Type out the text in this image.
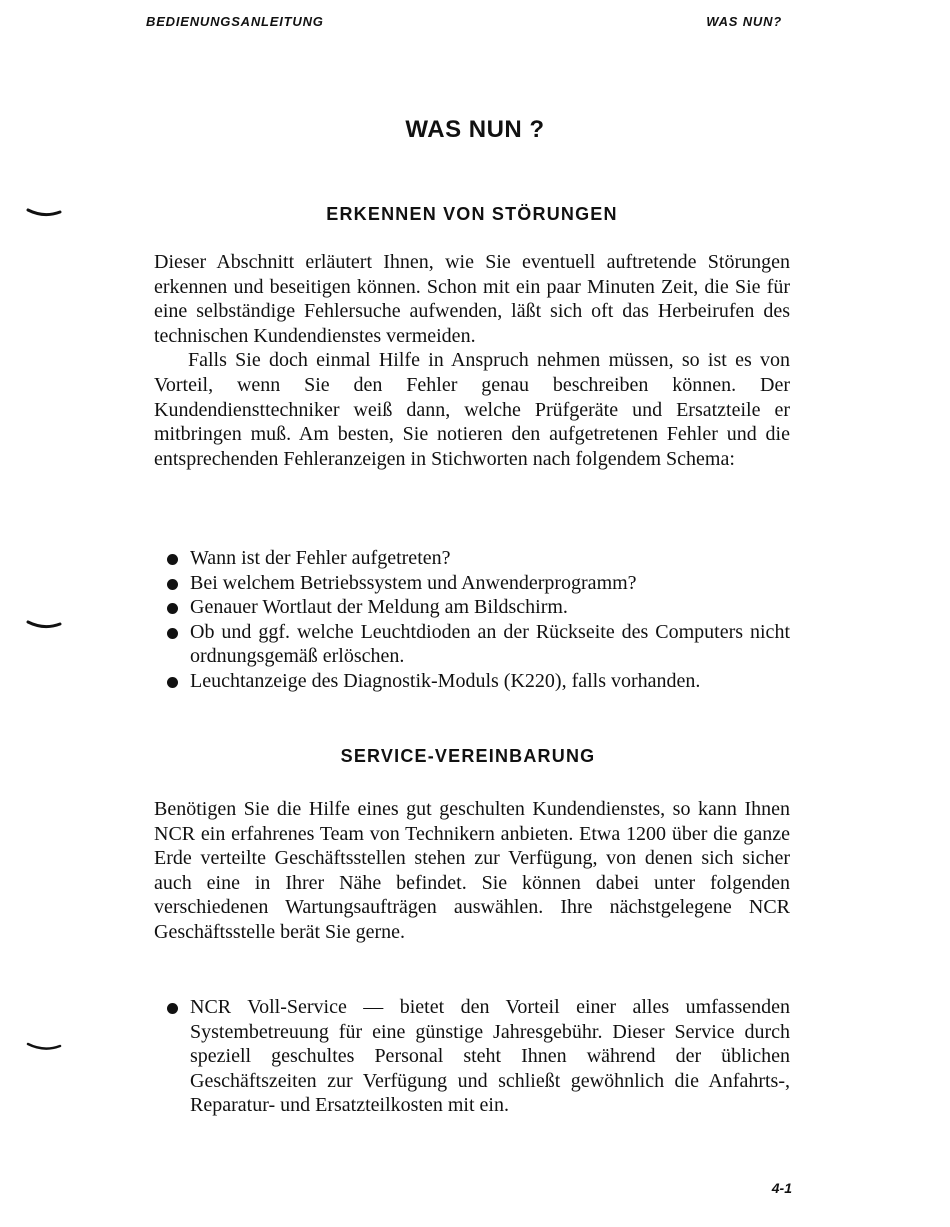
BEDIENUNGSANLEITUNG	WAS NUN?
WAS NUN ?
ERKENNEN VON STÖRUNGEN

Dieser Abschnitt erläutert Ihnen, wie Sie eventuell auftretende Störungen erkennen und beseitigen können. Schon mit ein paar Minuten Zeit, die Sie für eine selbständige Fehlersuche aufwenden, läßt sich oft das Herbeirufen des technischen Kundendienstes vermeiden.

Falls Sie doch einmal Hilfe in Anspruch nehmen müssen, so ist es von Vorteil, wenn Sie den Fehler genau beschreiben können. Der Kundendiensttechniker weiß dann, welche Prüfgeräte und Ersatzteile er mitbringen muß. Am besten, Sie notieren den aufgetretenen Fehler und die entsprechenden Fehleranzeigen in Stichworten nach folgendem Schema:

Wann ist der Fehler aufgetreten?
Bei welchem Betriebssystem und Anwenderprogramm?
Genauer Wortlaut der Meldung am Bildschirm.
Ob und ggf. welche Leuchtdioden an der Rückseite des Computers nicht ordnungsgemäß erlöschen.
Leuchtanzeige des Diagnostik-Moduls (K220), falls vorhanden.
SERVICE-VEREINBARUNG

Benötigen Sie die Hilfe eines gut geschulten Kundendienstes, so kann Ihnen NCR ein erfahrenes Team von Technikern anbieten. Etwa 1200 über die ganze Erde verteilte Geschäftsstellen stehen zur Verfügung, von denen sich sicher auch eine in Ihrer Nähe befindet. Sie können dabei unter folgenden verschiedenen Wartungsaufträgen auswählen. Ihre nächstgelegene NCR Geschäftsstelle berät Sie gerne.

NCR Voll-Service — bietet den Vorteil einer alles umfassenden Systembetreuung für eine günstige Jahresgebühr. Dieser Service durch speziell geschultes Personal steht Ihnen während der üblichen Geschäftszeiten zur Verfügung und schließt gewöhnlich die Anfahrts-, Reparatur- und Ersatzteilkosten mit ein.
4-1
